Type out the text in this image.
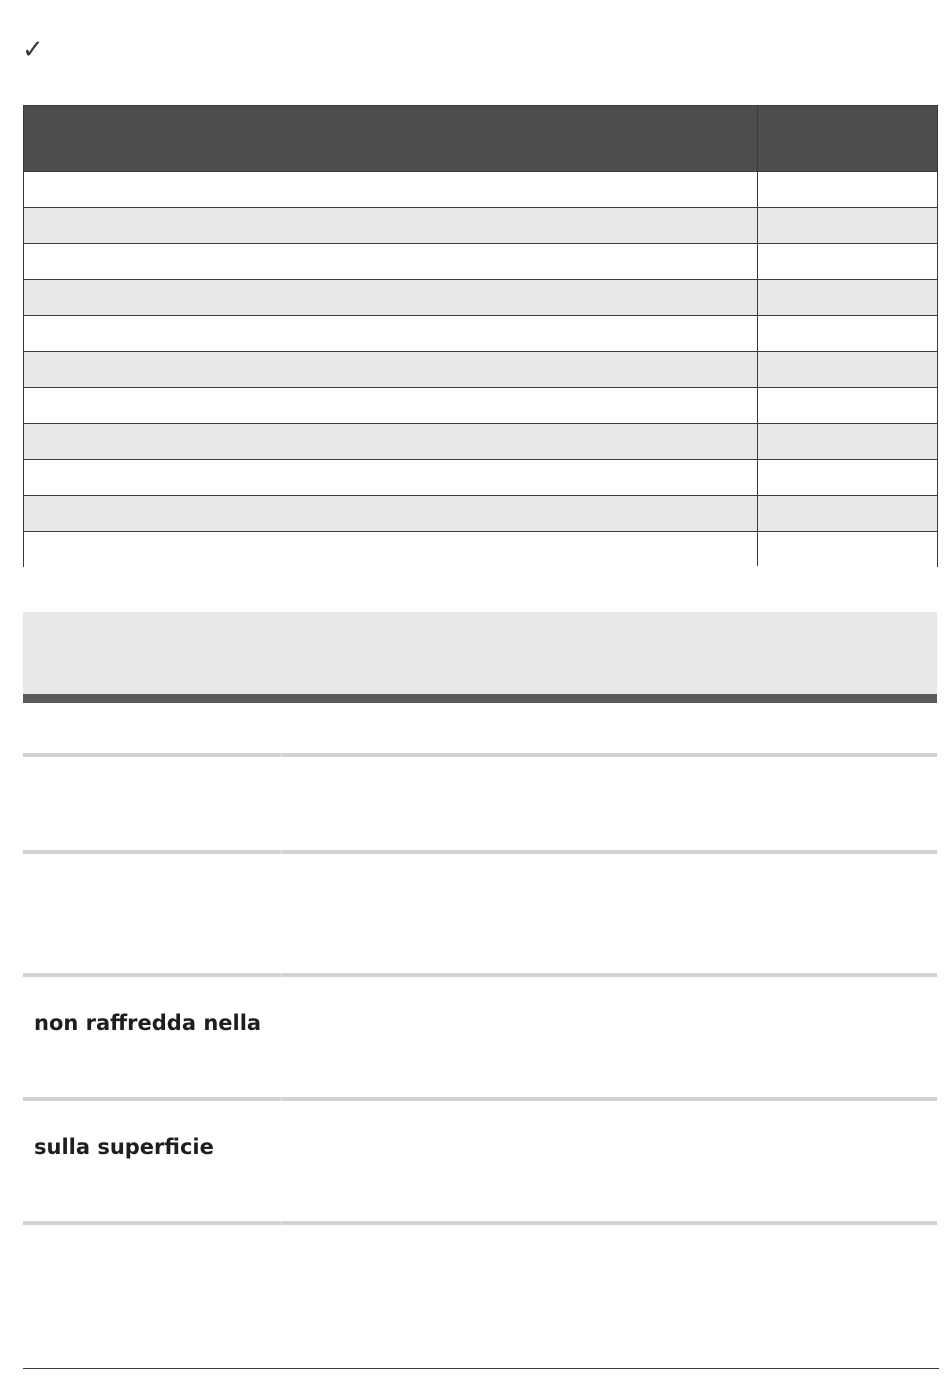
✓
non raffredda nella
sulla superficie
